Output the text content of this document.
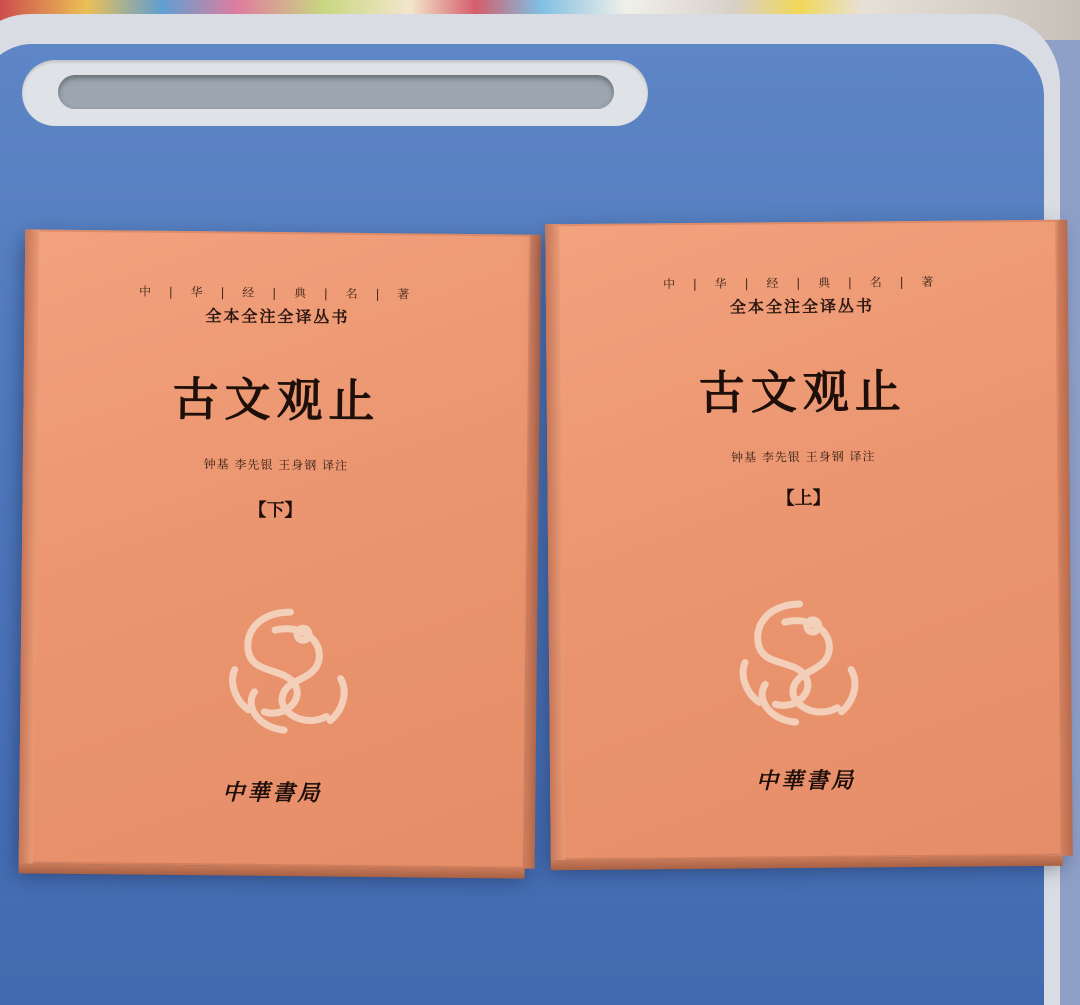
中 | 华 | 经 | 典 | 名 | 著
全本全注全译丛书
古文观止
钟基 李先银 王身钢 译注
【下】
中華書局
中 | 华 | 经 | 典 | 名 | 著
全本全注全译丛书
古文观止
钟基 李先银 王身钢 译注
【上】
中華書局
